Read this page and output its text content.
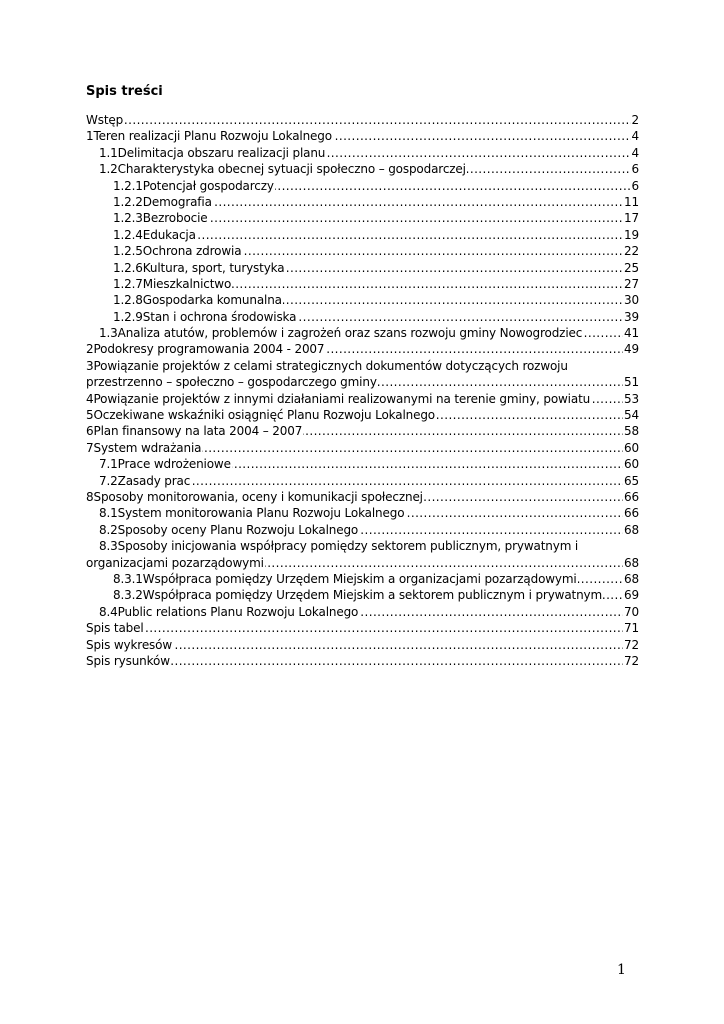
Spis treści
Wstęp .....	2
1Teren realizacji Planu Rozwoju Lokalnego .....	4
1.1Delimitacja obszaru realizacji planu .....	4
1.2Charakterystyka obecnej sytuacji społeczno – gospodarczej .....	6
1.2.1Potencjał gospodarczy .....	6
1.2.2Demografia .....	11
1.2.3Bezrobocie .....	17
1.2.4Edukacja .....	19
1.2.5Ochrona zdrowia .....	22
1.2.6Kultura, sport, turystyka .....	25
1.2.7Mieszkalnictwo .....	27
1.2.8Gospodarka komunalna .....	30
1.2.9Stan i ochrona środowiska .....	39
1.3Analiza atutów, problemów i zagrożeń oraz szans rozwoju gminy Nowogrodziec .....	41
2Podokresy programowania 2004 - 2007 .....	49
3Powiązanie projektów z celami strategicznych dokumentów dotyczących rozwoju
przestrzenno – społeczno – gospodarczego gminy .....	51
4Powiązanie projektów z innymi działaniami realizowanymi na terenie gminy, powiatu .....	53
5Oczekiwane wskaźniki osiągnięć Planu Rozwoju Lokalnego .....	54
6Plan finansowy na lata 2004 – 2007 .....	58
7System wdrażania .....	60
7.1Prace wdrożeniowe .....	60
7.2Zasady prac .....	65
8Sposoby monitorowania, oceny i komunikacji społecznej .....	66
8.1System monitorowania Planu Rozwoju Lokalnego .....	66
8.2Sposoby oceny Planu Rozwoju Lokalnego .....	68
8.3Sposoby inicjowania współpracy pomiędzy sektorem publicznym, prywatnym i
organizacjami pozarządowymi .....	68
8.3.1Współpraca pomiędzy Urzędem Miejskim a organizacjami pozarządowymi .....	68
8.3.2Współpraca pomiędzy Urzędem Miejskim a sektorem publicznym i prywatnym ..... 69
8.4Public relations Planu Rozwoju Lokalnego .....	70
Spis tabel .....	71
Spis wykresów .....	72
Spis rysunków .....	72
1
